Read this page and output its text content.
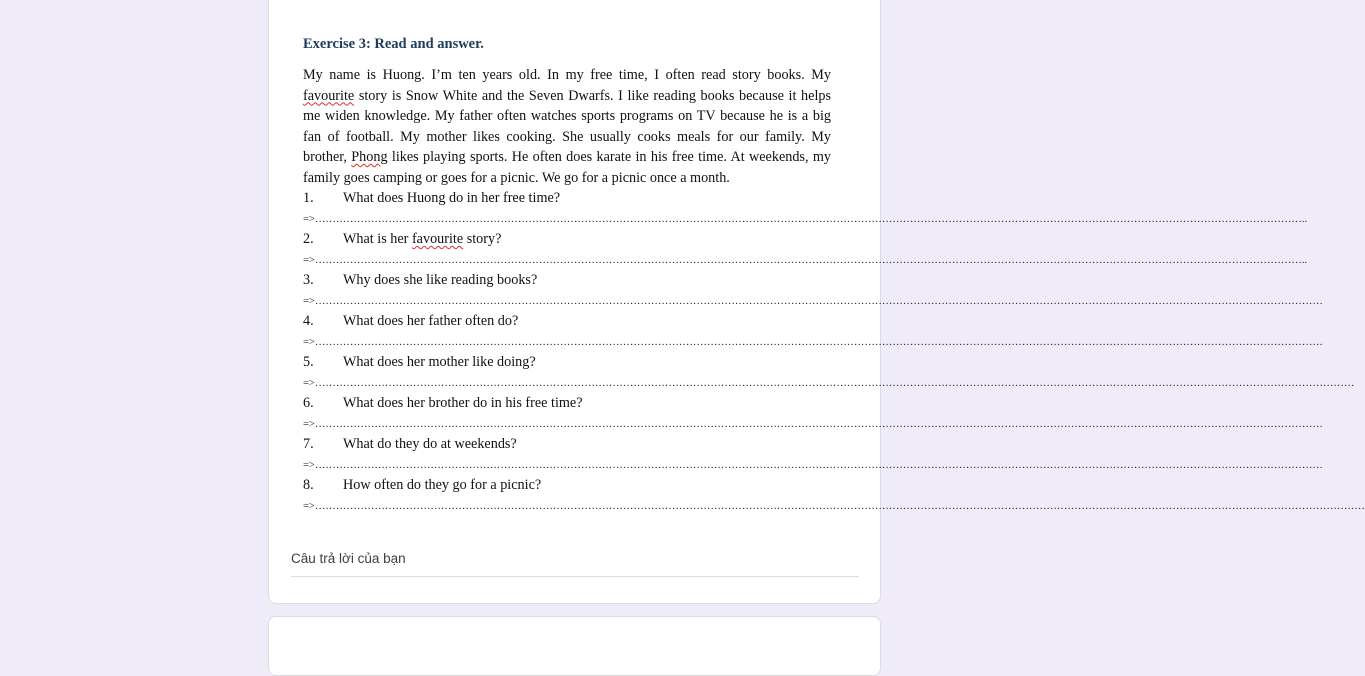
Exercise 3: Read and answer.

My name is Huong. I’m ten years old. In my free time, I often read story books. My favourite story is Snow White and the Seven Dwarfs. I like reading books because it helps me widen knowledge. My father often watches sports programs on TV because he is a big fan of football. My mother likes cooking. She usually cooks meals for our family. My brother, Phong likes playing sports. He often does karate in his free time. At weekends, my family goes camping or goes for a picnic. We go for a picnic once a month.

1. What does Huong do in her free time?
=>…………………………………………………………………………………………………………………………………………………………………………………………………………………………………………………………..
2. What is her favourite story?
=>…………………………………………………………………………………………………………………………………………………………………………………………………………………………………………………………..
3. Why does she like reading books?
=>………………………………………………………………………………………………………………………………………………………………………………………………………………………………………………………………
4. What does her father often do?
=>………………………………………………………………………………………………………………………………………………………………………………………………………………………………………………………………
5. What does her mother like doing?
=>………………………………………………………………………………………………………………………………………………………………………………………………………………………………………………………………………
6. What does her brother do in his free time?
=>………………………………………………………………………………………………………………………………………………………………………………………………………………………………………………………………
7. What do they do at weekends?
=>………………………………………………………………………………………………………………………………………………………………………………………………………………………………………………………………
8. How often do they go for a picnic?
=>…………………………………………………………………………………………………………………………………………………………………………………………………………………………………………………………………………
Câu trả lời của bạn
